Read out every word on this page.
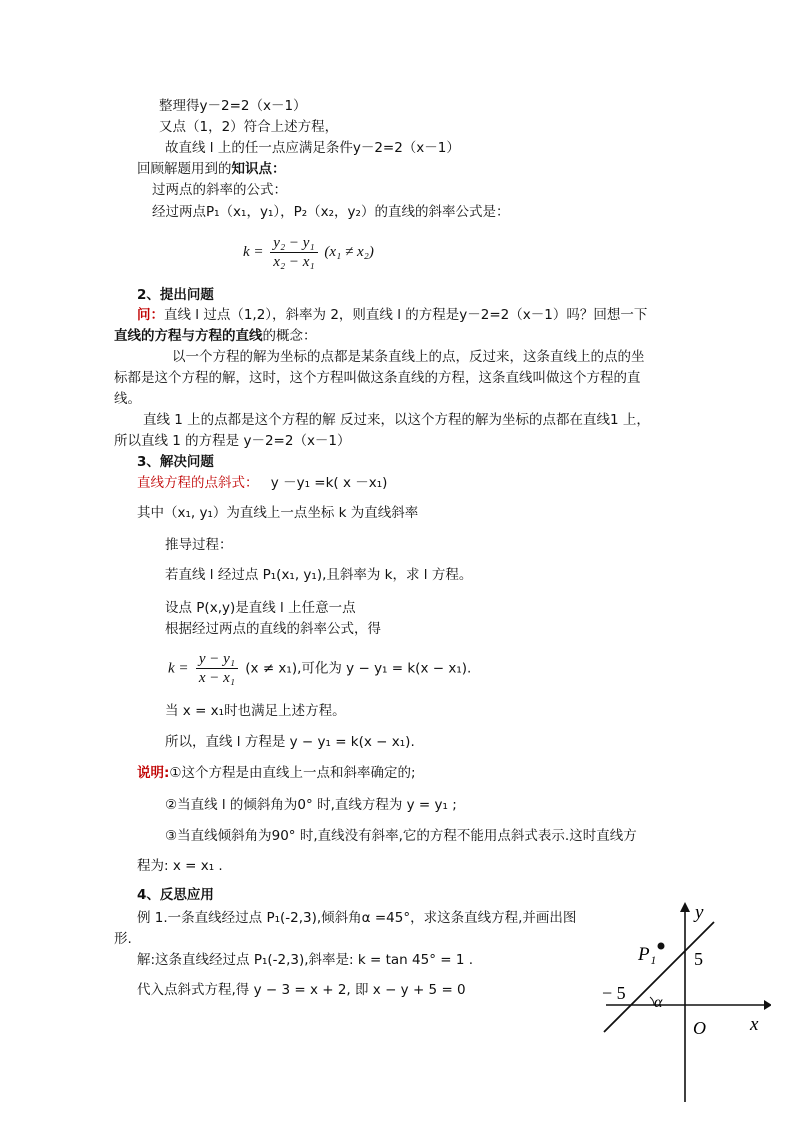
整理得y－2=2（x－1）
又点（1，2）符合上述方程，
故直线 l 上的任一点应满足条件y－2=2（x－1）
回顾解题用到的知识点：
过两点的斜率的公式：
经过两点P₁（x₁，y₁），P₂（x₂，y₂）的直线的斜率公式是：
$k = \frac{\text{y₂ − y₁}}{\text{x₂ − x₁}} (x_1 \ne x_2)$
2、提出问题
问：直线 l 过点（1,2），斜率为 2，则直线 l 的方程是y－2=2（x－1）吗？回想一下
直线的方程与方程的直线的概念：
以一个方程的解为坐标的点都是某条直线上的点，反过来，这条直线上的点的坐
标都是这个方程的解，这时，这个方程叫做这条直线的方程，这条直线叫做这个方程的直
线。
直线 1 上的点都是这个方程的解 反过来，以这个方程的解为坐标的点都在直线1 上，
所以直线 1 的方程是 y－2=2（x－1）
3、解决问题
直线方程的点斜式： y －y₁ =k( x －x₁)
其中（x₁, y₁）为直线上一点坐标 k 为直线斜率
推导过程：
若直线 l 经过点 P₁(x₁, y₁),且斜率为 k，求 l 方程。
设点 P(x,y)是直线 l 上任意一点
根据经过两点的直线的斜率公式，得
$k = \frac{\text{y − y₁}}{\text{x − x₁}} (x \ne x_1)$,可化为 y − y₁ = k(x − x₁).
当 x = x₁时也满足上述方程。
所以，直线 l 方程是 y − y₁ = k(x − x₁).
说明:①这个方程是由直线上一点和斜率确定的;
②当直线 l 的倾斜角为0° 时,直线方程为 y = y₁ ;
③当直线倾斜角为90° 时,直线没有斜率,它的方程不能用点斜式表示.这时直线方
程为: x = x₁ .
4、反思应用
例 1.一条直线经过点 P₁(-2,3),倾斜角α =45°，求这条直线方程,并画出图
形.
解:这条直线经过点 P₁(-2,3),斜率是: k = tan 45° = 1 .
代入点斜式方程,得 y − 3 = x + 2, 即 x − y + 5 = 0
y
x
O
P₁ 5
− 5 α
